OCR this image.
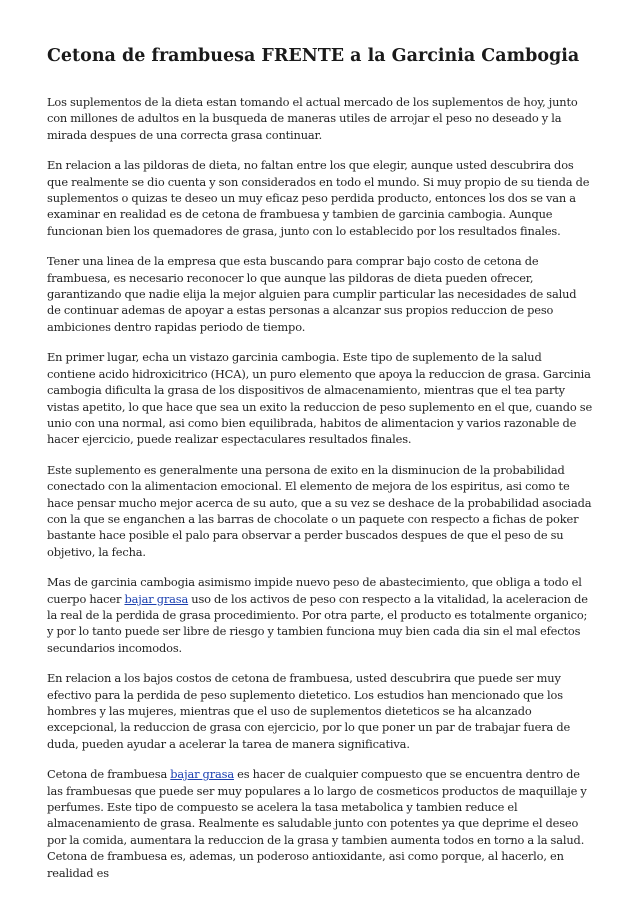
Cetona de frambuesa FRENTE a la Garcinia Cambogia

Los suplementos de la dieta estan tomando el actual mercado de los suplementos de hoy, junto con millones de adultos en la busqueda de maneras utiles de arrojar el peso no deseado y la mirada despues de una correcta grasa continuar.

En relacion a las pildoras de dieta, no faltan entre los que elegir, aunque usted descubrira dos que realmente se dio cuenta y son considerados en todo el mundo. Si muy propio de su tienda de suplementos o quizas te deseo un muy eficaz peso perdida producto, entonces los dos se van a examinar en realidad es de cetona de frambuesa y tambien de garcinia cambogia. Aunque funcionan bien los quemadores de grasa, junto con lo establecido por los resultados finales.

Tener una linea de la empresa que esta buscando para comprar bajo costo de cetona de frambuesa, es necesario reconocer lo que aunque las pildoras de dieta pueden ofrecer, garantizando que nadie elija la mejor alguien para cumplir particular las necesidades de salud de continuar ademas de apoyar a estas personas a alcanzar sus propios reduccion de peso ambiciones dentro rapidas periodo de tiempo.

En primer lugar, echa un vistazo garcinia cambogia. Este tipo de suplemento de la salud contiene acido hidroxicitrico (HCA), un puro elemento que apoya la reduccion de grasa. Garcinia cambogia dificulta la grasa de los dispositivos de almacenamiento, mientras que el tea party vistas apetito, lo que hace que sea un exito la reduccion de peso suplemento en el que, cuando se unio con una normal, asi como bien equilibrada, habitos de alimentacion y varios razonable de hacer ejercicio, puede realizar espectaculares resultados finales.

Este suplemento es generalmente una persona de exito en la disminucion de la probabilidad conectado con la alimentacion emocional. El elemento de mejora de los espiritus, asi como te hace pensar mucho mejor acerca de su auto, que a su vez se deshace de la probabilidad asociada con la que se enganchen a las barras de chocolate o un paquete con respecto a fichas de poker bastante hace posible el palo para observar a perder buscados despues de que el peso de su objetivo, la fecha.

Mas de garcinia cambogia asimismo impide nuevo peso de abastecimiento, que obliga a todo el cuerpo hacer bajar grasa uso de los activos de peso con respecto a la vitalidad, la aceleracion de la real de la perdida de grasa procedimiento. Por otra parte, el producto es totalmente organico; y por lo tanto puede ser libre de riesgo y tambien funciona muy bien cada dia sin el mal efectos secundarios incomodos.

En relacion a los bajos costos de cetona de frambuesa, usted descubrira que puede ser muy efectivo para la perdida de peso suplemento dietetico. Los estudios han mencionado que los hombres y las mujeres, mientras que el uso de suplementos dieteticos se ha alcanzado excepcional, la reduccion de grasa con ejercicio, por lo que poner un par de trabajar fuera de duda, pueden ayudar a acelerar la tarea de manera significativa.

Cetona de frambuesa bajar grasa es hacer de cualquier compuesto que se encuentra dentro de las frambuesas que puede ser muy populares a lo largo de cosmeticos productos de maquillaje y perfumes. Este tipo de compuesto se acelera la tasa metabolica y tambien reduce el almacenamiento de grasa. Realmente es saludable junto con potentes ya que deprime el deseo por la comida, aumentara la reduccion de la grasa y tambien aumenta todos en torno a la salud. Cetona de frambuesa es, ademas, un poderoso antioxidante, asi como porque, al hacerlo, en realidad es
